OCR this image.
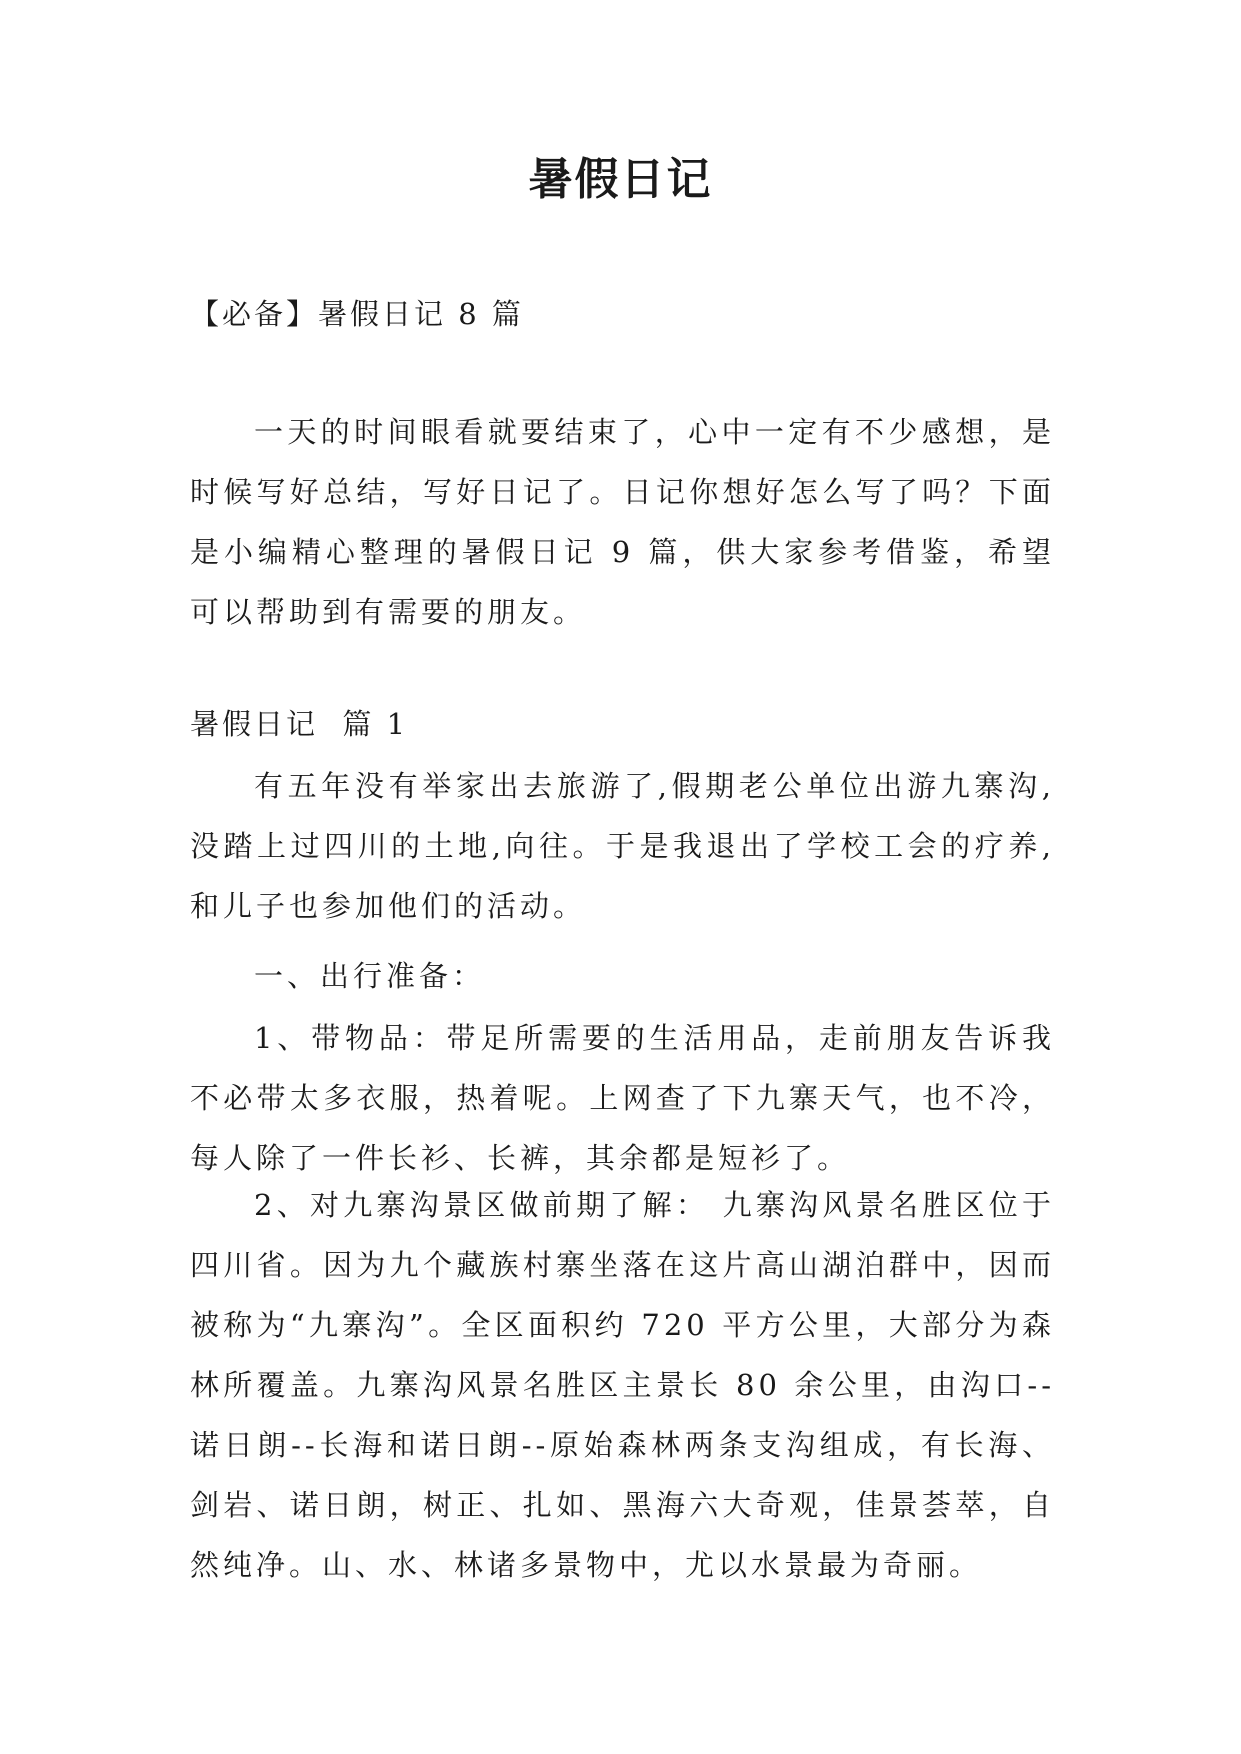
暑假日记
【必备】暑假日记 8 篇

一天的时间眼看就要结束了，心中一定有不少感想，是时候写好总结，写好日记了。日记你想好怎么写了吗？下面是小编精心整理的暑假日记 9 篇，供大家参考借鉴，希望可以帮助到有需要的朋友。

暑假日记  篇 1

有五年没有举家出去旅游了,假期老公单位出游九寨沟,没踏上过四川的土地,向往。于是我退出了学校工会的疗养,和儿子也参加他们的活动。

一、出行准备：

1、带物品：带足所需要的生活用品，走前朋友告诉我不必带太多衣服，热着呢。上网查了下九寨天气，也不冷，每人除了一件长衫、长裤，其余都是短衫了。

2、对九寨沟景区做前期了解： 九寨沟风景名胜区位于四川省。因为九个藏族村寨坐落在这片高山湖泊群中，因而被称为“九寨沟”。全区面积约 720 平方公里，大部分为森林所覆盖。九寨沟风景名胜区主景长 80 余公里，由沟口--诺日朗--长海和诺日朗--原始森林两条支沟组成，有长海、剑岩、诺日朗，树正、扎如、黑海六大奇观，佳景荟萃，自然纯净。山、水、林诸多景物中，尤以水景最为奇丽。
